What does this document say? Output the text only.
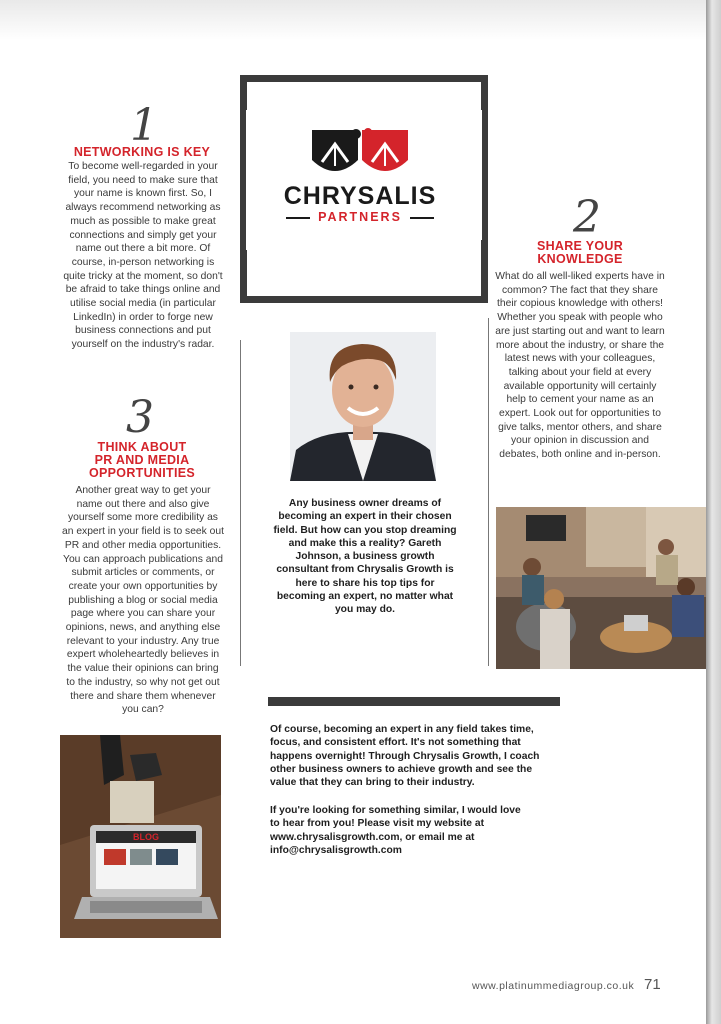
1
NETWORKING IS KEY
To become well-regarded in your field, you need to make sure that your name is known first. So, I always recommend networking as much as possible to make great connections and simply get your name out there a bit more. Of course, in-person networking is quite tricky at the moment, so don't be afraid to take things online and utilise social media (in particular LinkedIn) in order to forge new business connections and put yourself on the industry's radar.
3
THINK ABOUT
PR AND MEDIA
OPPORTUNITIES
Another great way to get your name out there and also give yourself some more credibility as an expert in your field is to seek out PR and other media opportunities. You can approach publications and submit articles or comments, or create your own opportunities by publishing a blog or social media page where you can share your opinions, news, and anything else relevant to your industry. Any true expert wholeheartedly believes in the value their opinions can bring to the industry, so why not get out there and share them whenever you can?
CHRYSALIS
PARTNERS
Any business owner dreams of becoming an expert in their chosen field. But how can you stop dreaming and make this a reality? Gareth Johnson, a business growth consultant from Chrysalis Growth is here to share his top tips for becoming an expert, no matter what you may do.
2
SHARE YOUR
KNOWLEDGE
What do all well-liked experts have in common? The fact that they share their copious knowledge with others! Whether you speak with people who are just starting out and want to learn more about the industry, or share the latest news with your colleagues, talking about your field at every available opportunity will certainly help to cement your name as an expert. Look out for opportunities to give talks, mentor others, and share your opinion in discussion and debates, both online and in-person.
Of course, becoming an expert in any field takes time, focus, and consistent effort. It's not something that happens overnight! Through Chrysalis Growth, I coach other business owners to achieve growth and see the value that they can bring to their industry.
If you're looking for something similar, I would love to hear from you! Please visit my website at www.chrysalisgrowth.com, or email me at info@chrysalisgrowth.com
BLOG
www.platinummediagroup.co.uk 71
